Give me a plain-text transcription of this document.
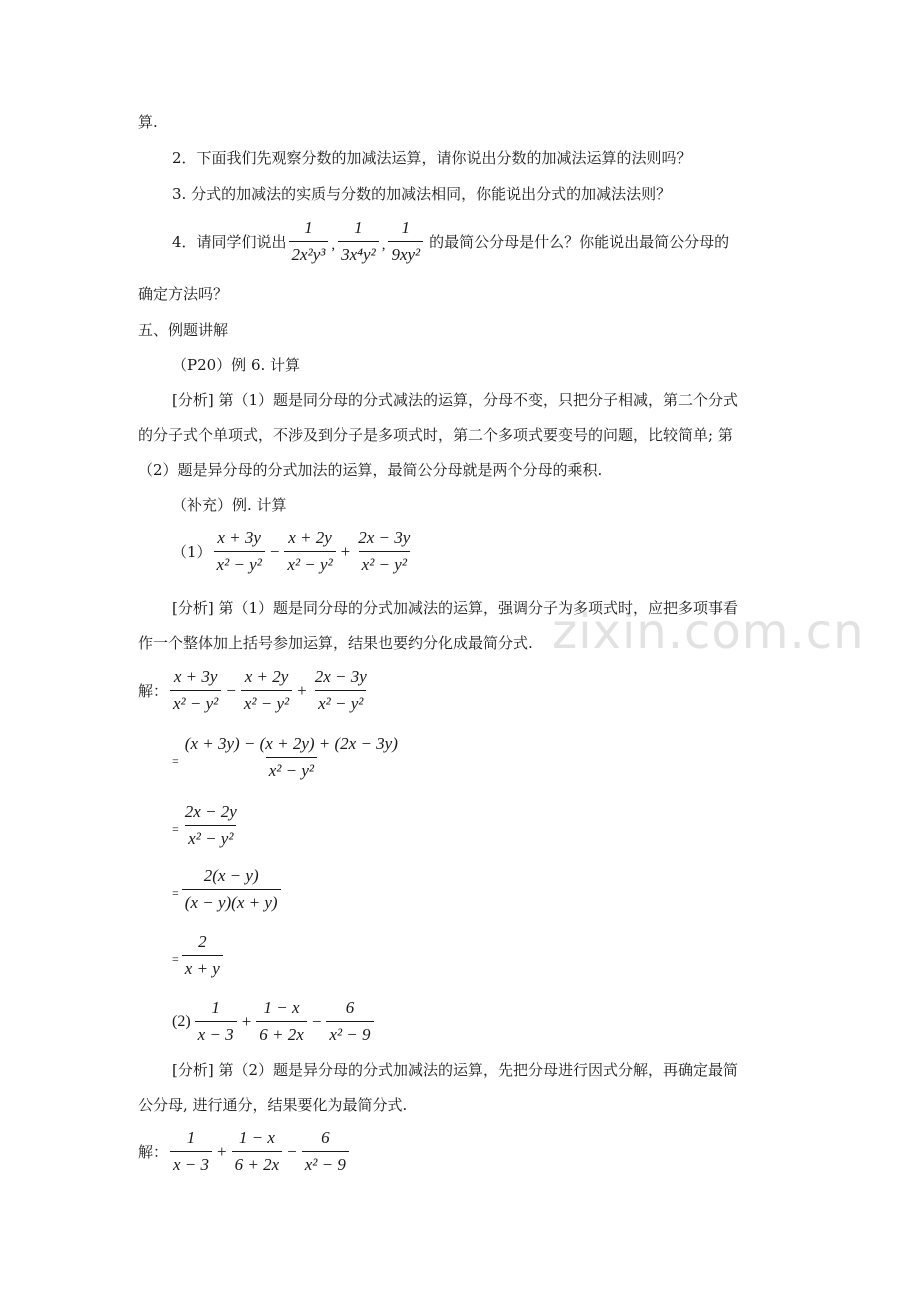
zixin.com.cn
算.
2．下面我们先观察分数的加减法运算，请你说出分数的加减法运算的法则吗？
3. 分式的加减法的实质与分数的加减法相同，你能说出分式的加减法法则？
4．请同学们说出 $\frac{1}{\text{2x²y³}}$ , $\frac{1}{\text{3x⁴y²}}$ , $\frac{1}{\text{9xy²}}$ 的最简公分母是什么？你能说出最简公分母的
确定方法吗？
五、例题讲解
（P20）例 6. 计算
[分析] 第（1）题是同分母的分式减法的运算，分母不变，只把分子相减，第二个分式
的分子式个单项式，不涉及到分子是多项式时，第二个多项式要变号的问题，比较简单; 第
（2）题是异分母的分式加法的运算，最简公分母就是两个分母的乘积.
（补充）例. 计算
$(1) \frac{x + 3y}{\text{x² − y²}} - \frac{x + 2y}{\text{x² − y²}} + \frac{2x - 3y}{\text{x² − y²}}$
[分析] 第（1）题是同分母的分式加减法的运算，强调分子为多项式时，应把多项事看
作一个整体加上括号参加运算，结果也要约分化成最简分式.
解： $\frac{x + 3y}{\text{x² − y²}} - \frac{x + 2y}{\text{x² − y²}} + \frac{2x - 3y}{\text{x² − y²}}$
= $\frac{(x + 3y) - (x + 2y) + (2x - 3y)}{\text{x² − y²}}$
= $\frac{2x - 2y}{\text{x² − y²}}$
= $\frac{2(x - y)}{(x - y)(x + y)}$
= $\frac{2}{x + y}$
$(2) \frac{1}{x - 3} + \frac{1 - x}{6 + 2x} - \frac{6}{\text{x² − 9}}$
[分析] 第（2）题是异分母的分式加减法的运算，先把分母进行因式分解，再确定最简
公分母, 进行通分，结果要化为最简分式.
解： $\frac{1}{x - 3} + \frac{1 - x}{6 + 2x} - \frac{6}{\text{x² − 9}}$
